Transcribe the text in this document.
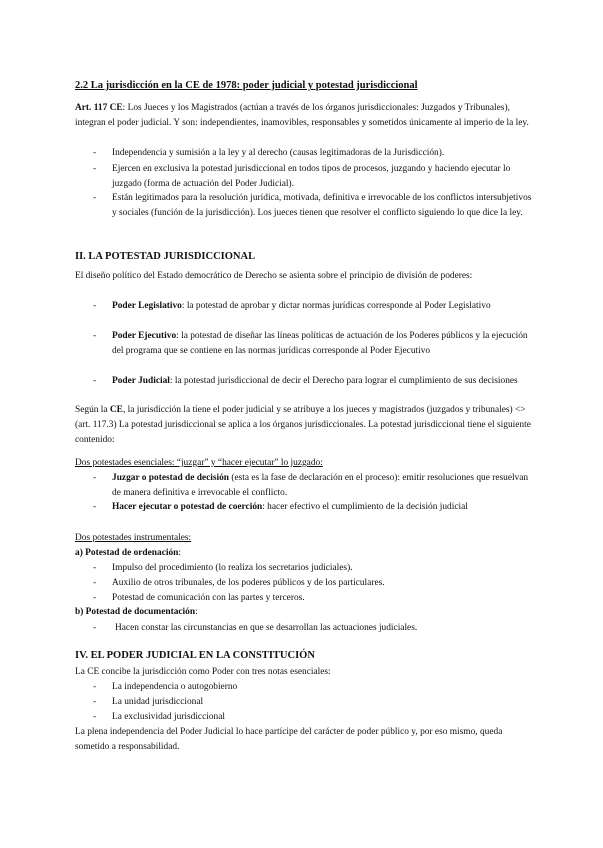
2.2 La jurisdicción en la CE de 1978: poder judicial y potestad jurisdiccional
Art. 117 CE: Los Jueces y los Magistrados (actúan a través de los órganos jurisdiccionales: Juzgados y Tribunales), integran el poder judicial. Y son: independientes, inamovibles, responsables y sometidos únicamente al imperio de la ley.
-	Independencia y sumisión a la ley y al derecho (causas legitimadoras de la Jurisdicción).
-	Ejercen en exclusiva la potestad jurisdiccional en todos tipos de procesos, juzgando y haciendo ejecutar lo juzgado (forma de actuación del Poder Judicial).
-	Están legitimados para la resolución jurídica, motivada, definitiva e irrevocable de los conflictos intersubjetivos y sociales (función de la jurisdicción). Los jueces tienen que resolver el conflicto siguiendo lo que dice la ley.
II. LA POTESTAD JURISDICCIONAL
El diseño político del Estado democrático de Derecho se asienta sobre el principio de división de poderes:
-	Poder Legislativo: la potestad de aprobar y dictar normas jurídicas corresponde al Poder Legislativo
-	Poder Ejecutivo: la potestad de diseñar las líneas políticas de actuación de los Poderes públicos y la ejecución del programa que se contiene en las normas jurídicas corresponde al Poder Ejecutivo
-	Poder Judicial: la potestad jurisdiccional de decir el Derecho para lograr el cumplimiento de sus decisiones
Según la CE, la jurisdicción la tiene el poder judicial y se atribuye a los jueces y magistrados (juzgados y tribunales) <> (art. 117.3) La potestad jurisdiccional se aplica a los órganos jurisdiccionales. La potestad jurisdiccional tiene el siguiente contenido:
Dos potestades esenciales: “juzgar” y “hacer ejecutar” lo juzgado:
-	Juzgar o potestad de decisión (esta es la fase de declaración en el proceso): emitir resoluciones que resuelvan de manera definitiva e irrevocable el conflicto.
-	Hacer ejecutar o potestad de coerción: hacer efectivo el cumplimiento de la decisión judicial
Dos potestades instrumentales:
a) Potestad de ordenación:
-	Impulso del procedimiento (lo realiza los secretarios judiciales).
-	Auxilio de otros tribunales, de los poderes públicos y de los particulares.
-	Potestad de comunicación con las partes y terceros.
b) Potestad de documentación:
-	Hacen constar las circunstancias en que se desarrollan las actuaciones judiciales.
IV. EL PODER JUDICIAL EN LA CONSTITUCIÓN
La CE concibe la jurisdicción como Poder con tres notas esenciales:
-	La independencia o autogobierno
-	La unidad jurisdiccional
-	La exclusividad jurisdiccional
La plena independencia del Poder Judicial lo hace partícipe del carácter de poder público y, por eso mismo, queda sometido a responsabilidad.
